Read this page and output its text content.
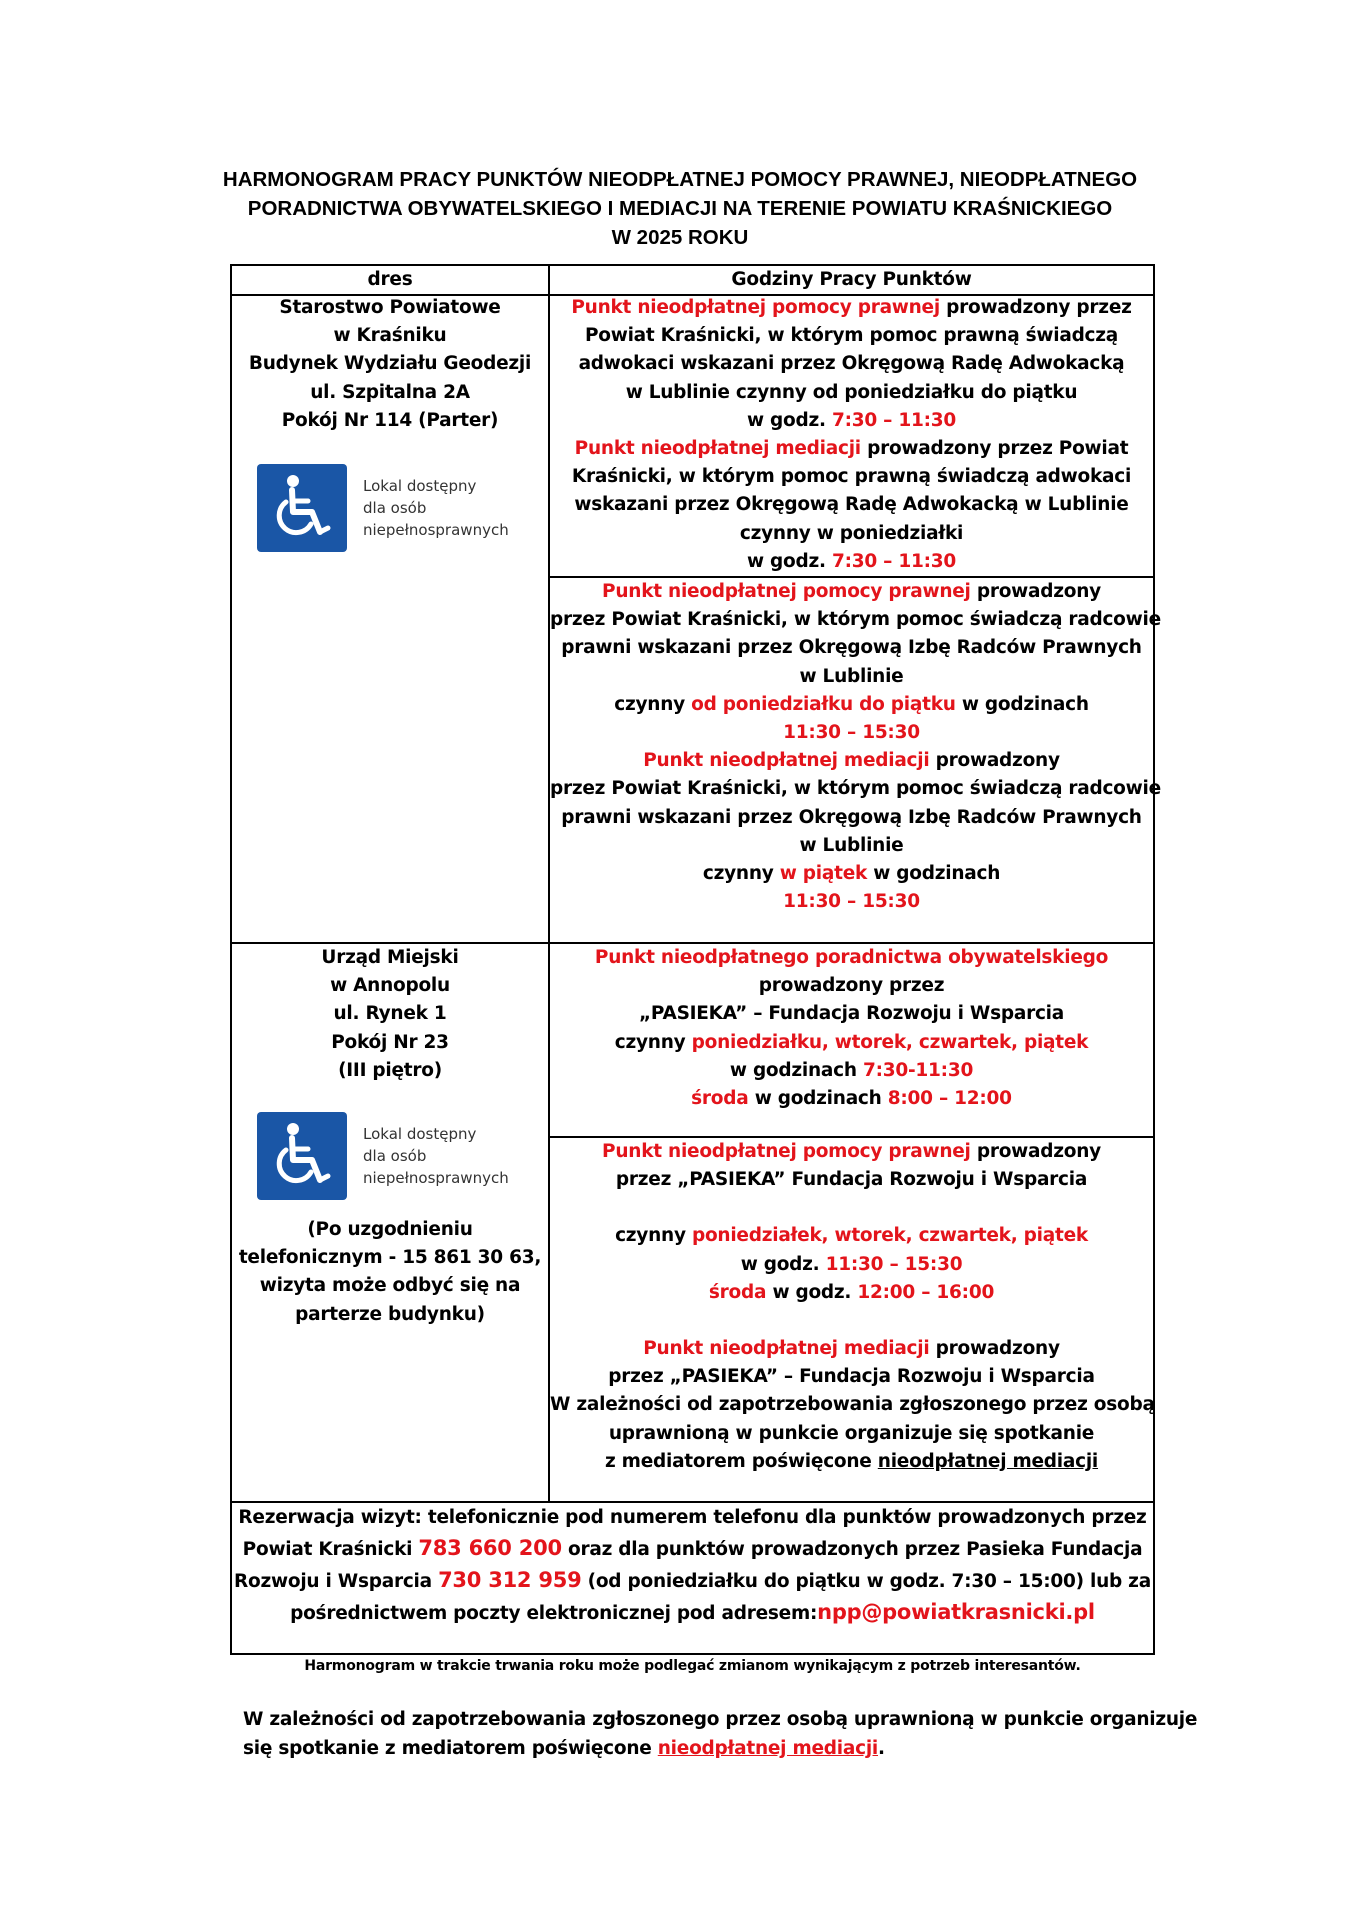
HARMONOGRAM PRACY PUNKTÓW NIEODPŁATNEJ POMOCY PRAWNEJ, NIEODPŁATNEGO
PORADNICTWA OBYWATELSKIEGO I MEDIACJI NA TERENIE POWIATU KRAŚNICKIEGO
W 2025 ROKU
dres	Godziny Pracy Punktów
Starostwo Powiatowe
w Kraśniku
Budynek Wydziału Geodezji
ul. Szpitalna 2A
Pokój Nr 114 (Parter)
Lokal dostępny
dla osób
niepełnosprawnych
Punkt nieodpłatnej pomocy prawnej prowadzony przez
Powiat Kraśnicki, w którym pomoc prawną świadczą
adwokaci wskazani przez Okręgową Radę Adwokacką
w Lublinie czynny od poniedziałku do piątku
w godz. 7:30 – 11:30
Punkt nieodpłatnej mediacji prowadzony przez Powiat
Kraśnicki, w którym pomoc prawną świadczą adwokaci
wskazani przez Okręgową Radę Adwokacką w Lublinie
czynny w poniedziałki
w godz. 7:30 – 11:30
Punkt nieodpłatnej pomocy prawnej prowadzony
przez Powiat Kraśnicki, w którym pomoc świadczą radcowie
prawni wskazani przez Okręgową Izbę Radców Prawnych
w Lublinie
czynny od poniedziałku do piątku w godzinach
11:30 – 15:30
Punkt nieodpłatnej mediacji prowadzony
przez Powiat Kraśnicki, w którym pomoc świadczą radcowie
prawni wskazani przez Okręgową Izbę Radców Prawnych
w Lublinie
czynny w piątek w godzinach
11:30 – 15:30
Urząd Miejski
w Annopolu
ul. Rynek 1
Pokój Nr 23
(III piętro)
Lokal dostępny
dla osób
niepełnosprawnych
(Po uzgodnieniu
telefonicznym - 15 861 30 63,
wizyta może odbyć się na
parterze budynku)
Punkt nieodpłatnego poradnictwa obywatelskiego
prowadzony przez
„PASIEKA” – Fundacja Rozwoju i Wsparcia
czynny poniedziałku, wtorek, czwartek, piątek
w godzinach 7:30-11:30
środa w godzinach 8:00 – 12:00
Punkt nieodpłatnej pomocy prawnej prowadzony
przez „PASIEKA” Fundacja Rozwoju i Wsparcia
czynny poniedziałek, wtorek, czwartek, piątek
w godz. 11:30 – 15:30
środa w godz. 12:00 – 16:00
Punkt nieodpłatnej mediacji prowadzony
przez „PASIEKA” – Fundacja Rozwoju i Wsparcia
W zależności od zapotrzebowania zgłoszonego przez osobą
uprawnioną w punkcie organizuje się spotkanie
z mediatorem poświęcone nieodpłatnej mediacji
Rezerwacja wizyt: telefonicznie pod numerem telefonu dla punktów prowadzonych przez
Powiat Kraśnicki 783 660 200 oraz dla punktów prowadzonych przez Pasieka Fundacja
Rozwoju i Wsparcia 730 312 959 (od poniedziałku do piątku w godz. 7:30 – 15:00) lub za
pośrednictwem poczty elektronicznej pod adresem:npp@powiatkrasnicki.pl
Harmonogram w trakcie trwania roku może podlegać zmianom wynikającym z potrzeb interesantów.
W zależności od zapotrzebowania zgłoszonego przez osobą uprawnioną w punkcie organizuje
się spotkanie z mediatorem poświęcone nieodpłatnej mediacji.
